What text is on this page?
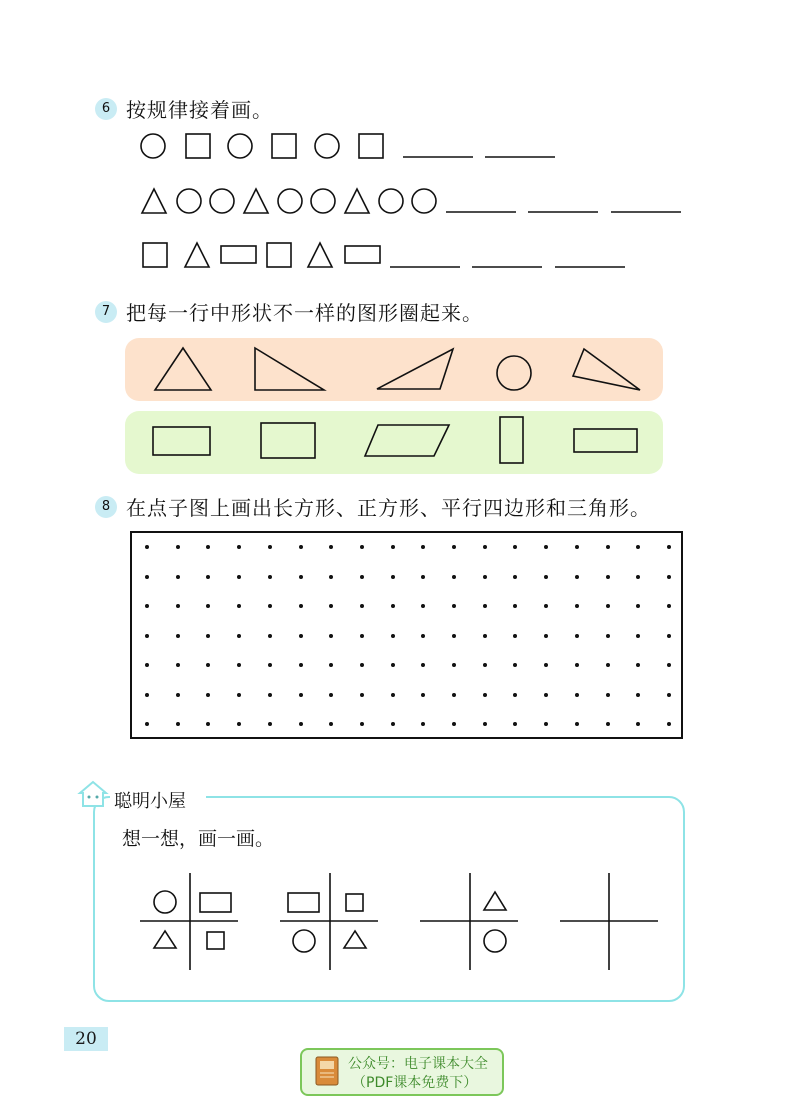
6 按规律接着画。
7 把每一行中形状不一样的图形圈起来。
8 在点子图上画出长方形、正方形、平行四边形和三角形。
聪明小屋
想一想，画一画。
20
公众号：电子课本大全
（PDF课本免费下）
